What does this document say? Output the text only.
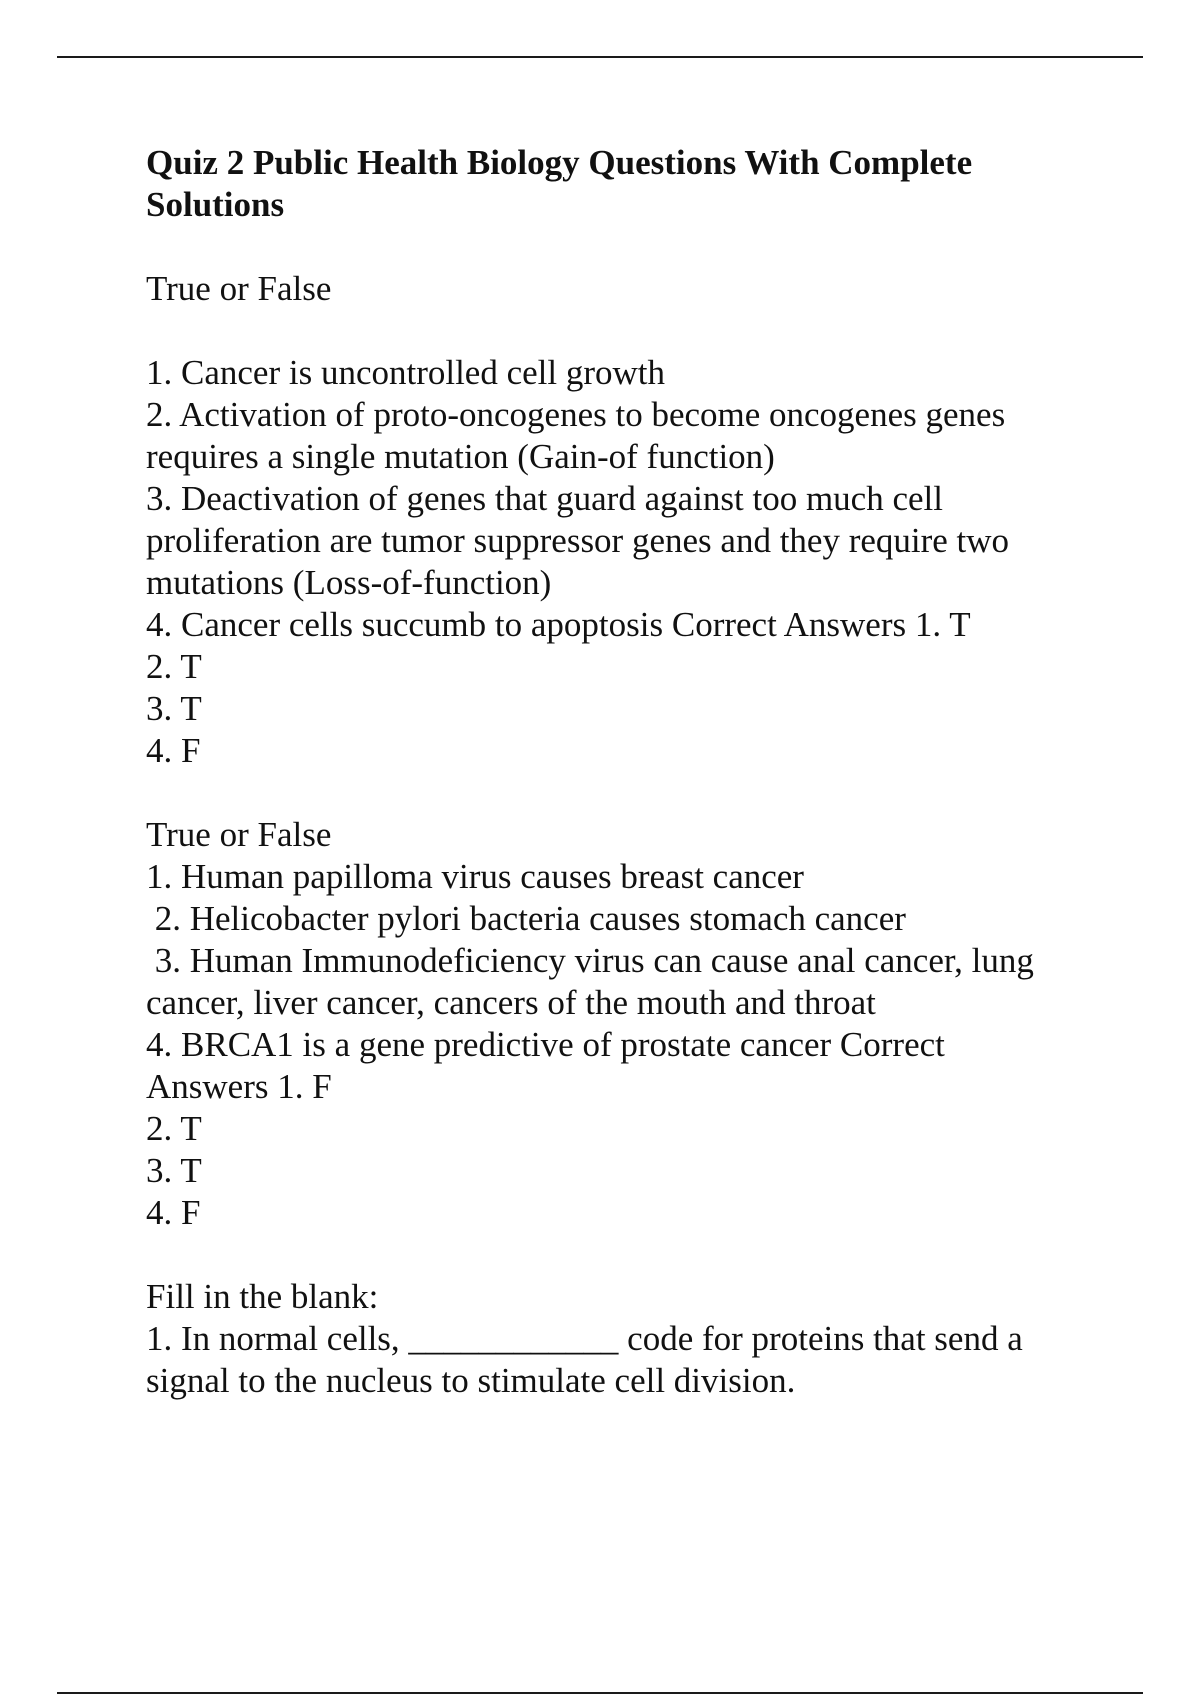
Quiz 2 Public Health Biology Questions With Complete
Solutions
True or False
1. Cancer is uncontrolled cell growth
2. Activation of proto-oncogenes to become oncogenes genes
requires a single mutation (Gain-of function)
3. Deactivation of genes that guard against too much cell
proliferation are tumor suppressor genes and they require two
mutations (Loss-of-function)
4. Cancer cells succumb to apoptosis Correct Answers 1. T
2. T
3. T
4. F
True or False
1. Human papilloma virus causes breast cancer
2. Helicobacter pylori bacteria causes stomach cancer
3. Human Immunodeficiency virus can cause anal cancer, lung
cancer, liver cancer, cancers of the mouth and throat
4. BRCA1 is a gene predictive of prostate cancer Correct
Answers 1. F
2. T
3. T
4. F
Fill in the blank:
1. In normal cells, ____________ code for proteins that send a
signal to the nucleus to stimulate cell division.
